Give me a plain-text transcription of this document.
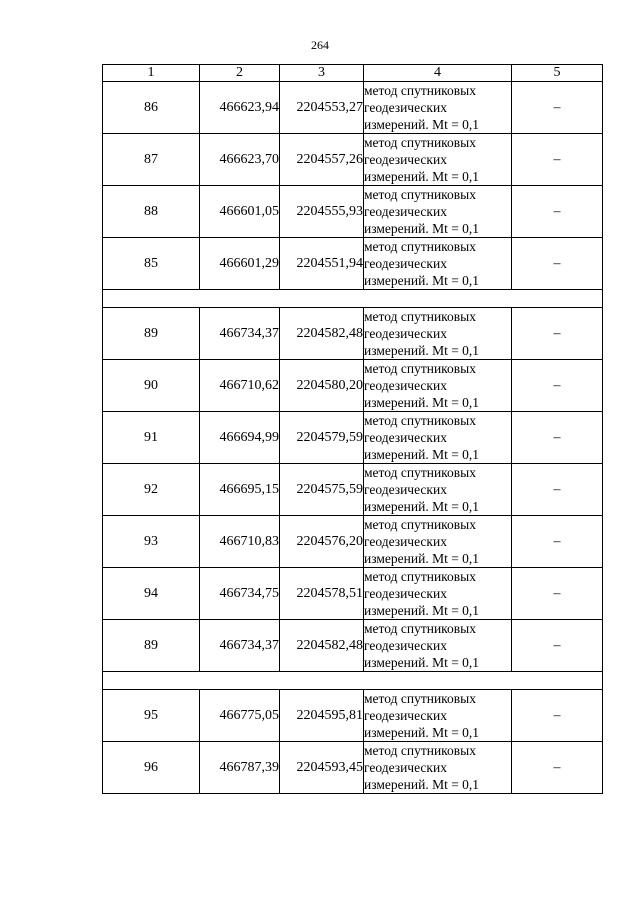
264
1	2	3	4	5
86	466623,94	2204553,27	метод спутниковых
геодезических
измерений. Mt = 0,1	–
87	466623,70	2204557,26	метод спутниковых
геодезических
измерений. Mt = 0,1	–
88	466601,05	2204555,93	метод спутниковых
геодезических
измерений. Mt = 0,1	–
85	466601,29	2204551,94	метод спутниковых
геодезических
измерений. Mt = 0,1	–

89	466734,37	2204582,48	метод спутниковых
геодезических
измерений. Mt = 0,1	–
90	466710,62	2204580,20	метод спутниковых
геодезических
измерений. Mt = 0,1	–
91	466694,99	2204579,59	метод спутниковых
геодезических
измерений. Mt = 0,1	–
92	466695,15	2204575,59	метод спутниковых
геодезических
измерений. Mt = 0,1	–
93	466710,83	2204576,20	метод спутниковых
геодезических
измерений. Mt = 0,1	–
94	466734,75	2204578,51	метод спутниковых
геодезических
измерений. Mt = 0,1	–
89	466734,37	2204582,48	метод спутниковых
геодезических
измерений. Mt = 0,1	–

95	466775,05	2204595,81	метод спутниковых
геодезических
измерений. Mt = 0,1	–
96	466787,39	2204593,45	метод спутниковых
геодезических
измерений. Mt = 0,1	–
